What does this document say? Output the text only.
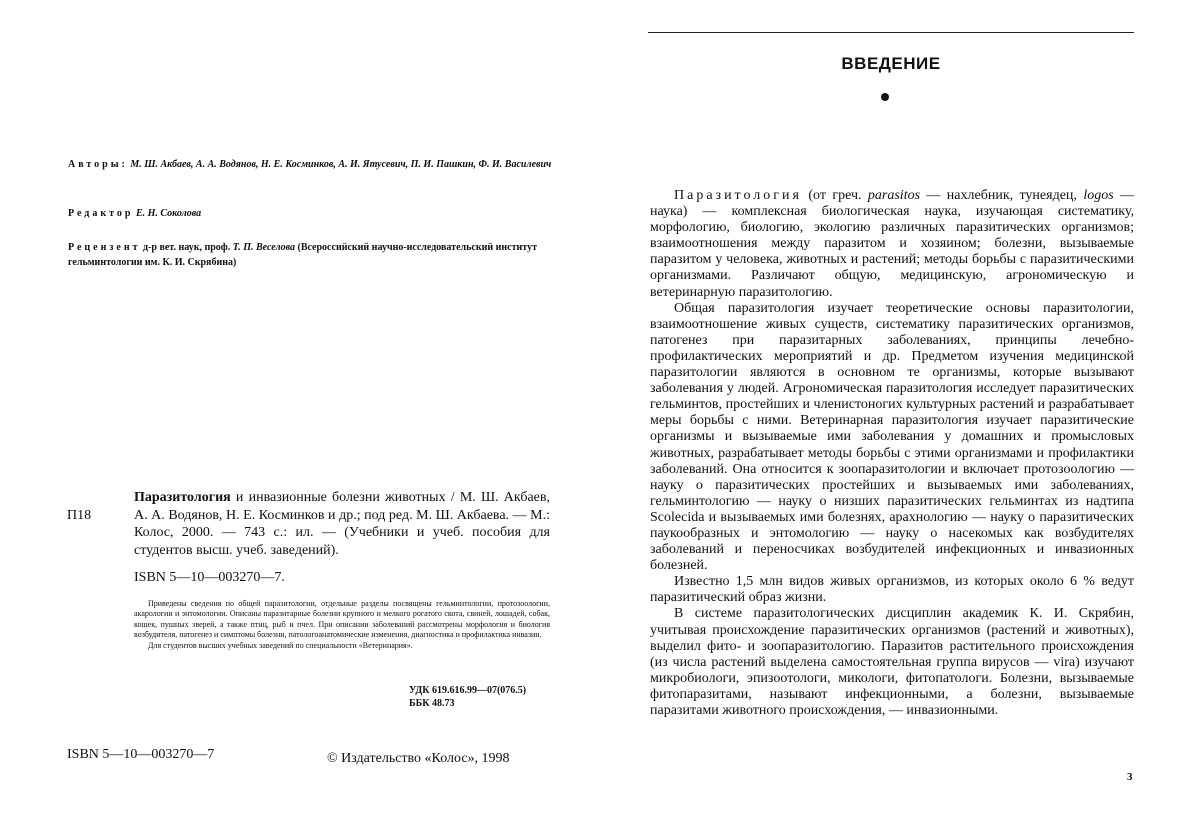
Авторы: М. Ш. Акбаев, А. А. Водянов, Н. Е. Косминков, А. И. Ятусевич, П. И. Пашкин, Ф. И. Василевич
Редактор Е. Н. Соколова
Рецензент д-р вет. наук, проф. Т. П. Веселова (Всероссийский научно-исследовательский институт гельминтологии им. К. И. Скрябина)
П18
Паразитология и инвазионные болезни животных / М. Ш. Акбаев, А. А. Водянов, Н. Е. Косминков и др.; под ред. М. Ш. Акбаева. — М.: Колос, 2000. — 743 с.: ил. — (Учебники и учеб. пособия для студентов высш. учеб. заведений).
ISBN 5—10—003270—7.

Приведены сведения по общей паразитологии, отдельные разделы посвящены гельминтологии, протозоологии, акарологии и энтомологии. Описаны паразитарные болезни крупного и мелкого рогатого скота, свиней, лошадей, собак, кошек, пушных зверей, а также птиц, рыб и пчел. При описании заболеваний рассмотрены морфология и биология возбудителя, патогенез и симптомы болезни, патологоанатомические изменения, диагностика и профилактика инвазии.

Для студентов высших учебных заведений по специальности «Ветеринария».

УДК 619.616.99—07(076.5)
ББК 48.73
ISBN 5—10—003270—7	© Издательство «Колос», 1998
ВВЕДЕНИЕ

Паразитология (от греч. parasitos — нахлебник, тунеядец, logos — наука) — комплексная биологическая наука, изучающая систематику, морфологию, биологию, экологию различных паразитических организмов; взаимоотношения между паразитом и хозяином; болезни, вызываемые паразитом у человека, животных и растений; методы борьбы с паразитическими организмами. Различают общую, медицинскую, агрономическую и ветеринарную паразитологию.

Общая паразитология изучает теоретические основы паразитологии, взаимоотношение живых существ, систематику паразитических организмов, патогенез при паразитарных заболеваниях, принципы лечебно-профилактических мероприятий и др. Предметом изучения медицинской паразитологии являются в основном те организмы, которые вызывают заболевания у людей. Агрономическая паразитология исследует паразитических гельминтов, простейших и членистоногих культурных растений и разрабатывает меры борьбы с ними. Ветеринарная паразитология изучает паразитические организмы и вызываемые ими заболевания у домашних и промысловых животных, разрабатывает методы борьбы с этими организмами и профилактики заболеваний. Она относится к зоопаразитологии и включает протозоологию — науку о паразитических простейших и вызываемых ими заболеваниях, гельминтологию — науку о низших паразитических гельминтах из надтипа Scolecida и вызываемых ими болезнях, арахнологию — науку о паразитических паукообразных и энтомологию — науку о насекомых как возбудителях заболеваний и переносчиках возбудителей инфекционных и инвазионных болезней.

Известно 1,5 млн видов живых организмов, из которых около 6 % ведут паразитический образ жизни.

В системе паразитологических дисциплин академик К. И. Скрябин, учитывая происхождение паразитических организмов (растений и животных), выделил фито- и зоопаразитологию. Паразитов растительного происхождения (из числа растений выделена самостоятельная группа вирусов — vira) изучают микробиологи, эпизоотологи, микологи, фитопатологи. Болезни, вызываемые фитопаразитами, называют инфекционными, а болезни, вызываемые паразитами животного происхождения, — инвазионными.

3
